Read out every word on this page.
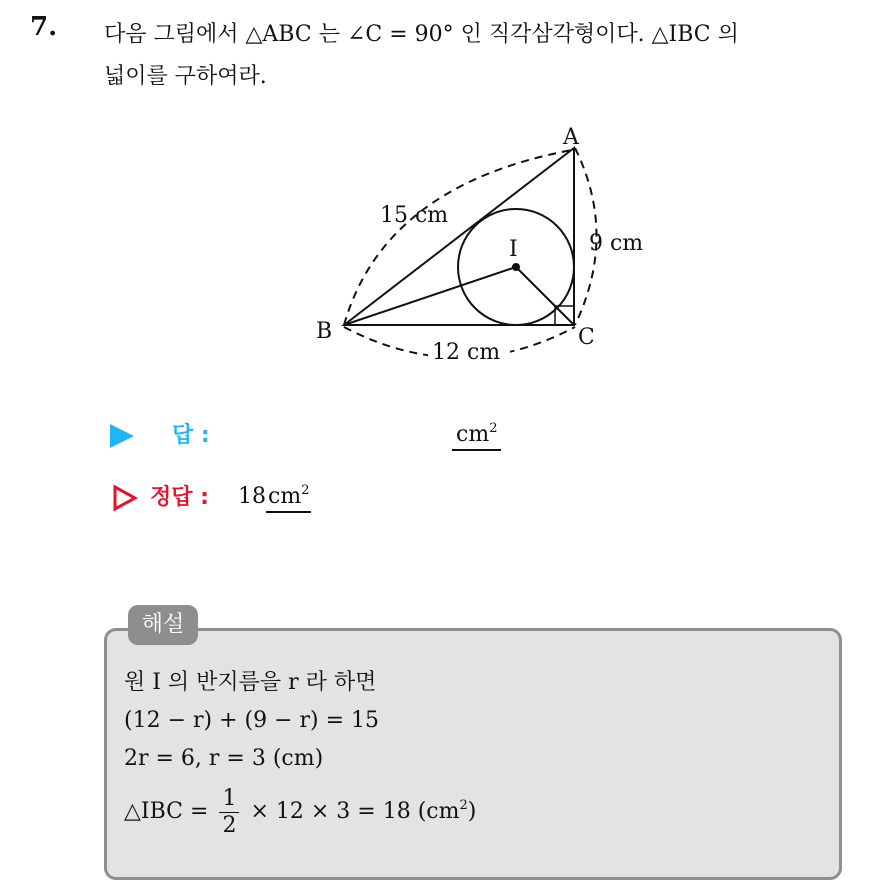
7. 다음 그림에서 △ABC 는 ∠C = 90° 인 직각삼각형이다. △IBC 의
넓이를 구하여라.
A
B	C
I
15 cm
9 cm
12 cm
답 :	$cm^2$
정답 : $18cm^2$
해설
원 I 의 반지름을 r 라 하면
(12 − r) + (9 − r) = 15
2r = 6, r = 3 (cm)
△IBC = $\frac{1}{2} \times 12 \times 3 = 18$ $(cm^2)$
